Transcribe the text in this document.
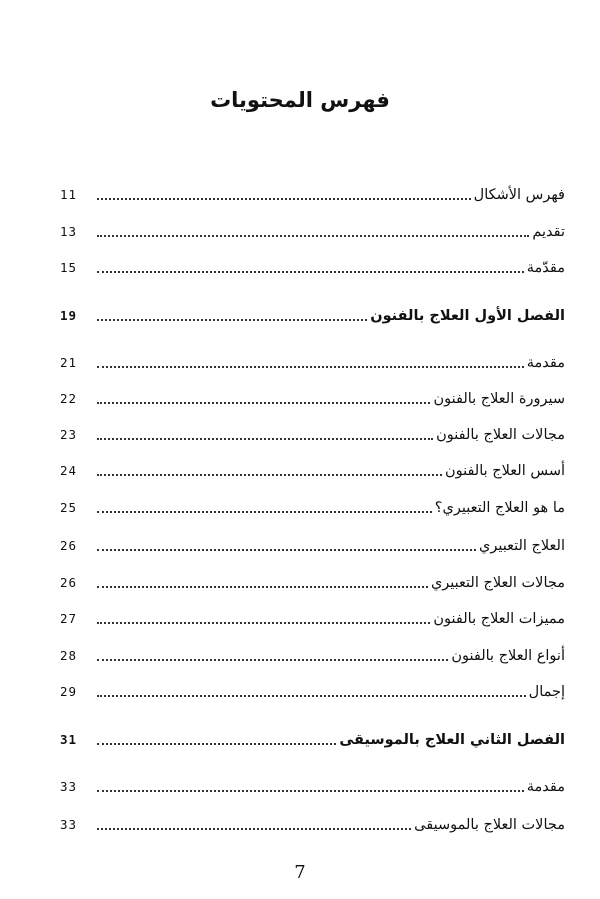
فهرس المحتويات
فهرس الأشكال
11
تقديم
13
مقدّمة
15
الفصل الأول العلاج بالفنون
19
مقدمة
21
سيرورة العلاج بالفنون
22
مجالات العلاج بالفنون
23
أسس العلاج بالفنون
24
ما هو العلاج التعبيري؟
25
العلاج التعبيري
26
مجالات العلاج التعبيري
26
مميزات العلاج بالفنون
27
أنواع العلاج بالفنون
28
إجمال
29
الفصل الثاني العلاج بالموسيقى
31
مقدمة
33
مجالات العلاج بالموسيقى
33
7
